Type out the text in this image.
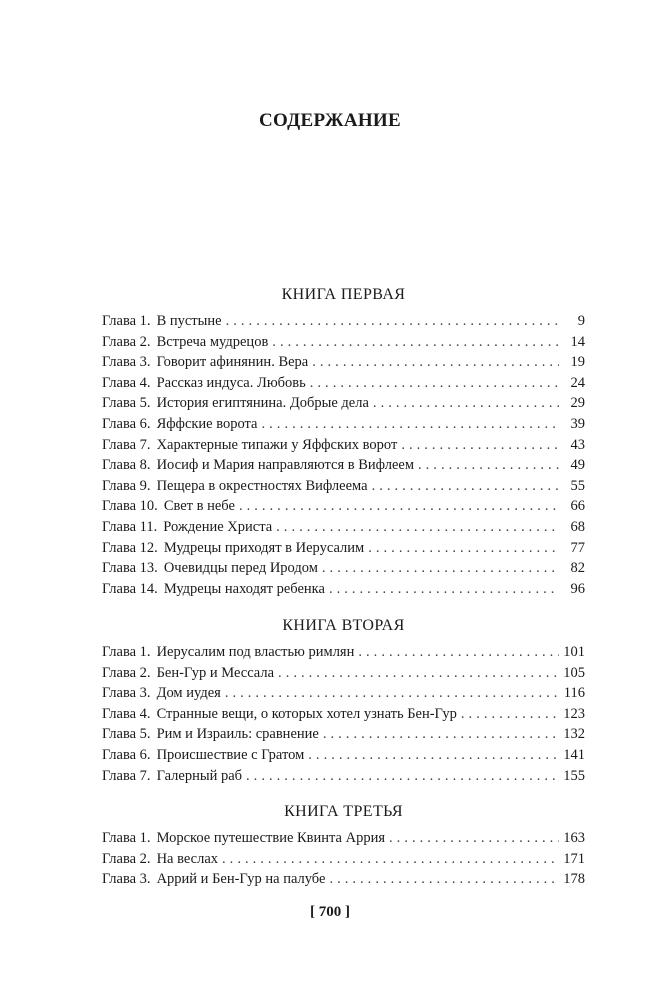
СОДЕРЖАНИЕ
КНИГА ПЕРВАЯ
Глава 1. В пустыне . . .	9
Глава 2. Встреча мудрецов . . .	14
Глава 3. Говорит афинянин. Вера . . .	19
Глава 4. Рассказ индуса. Любовь . . .	24
Глава 5. История египтянина. Добрые дела . . .	29
Глава 6. Яффские ворота . . .	39
Глава 7. Характерные типажи у Яффских ворот . . .	43
Глава 8. Иосиф и Мария направляются в Вифлеем . . .	49
Глава 9. Пещера в окрестностях Вифлеема . . .	55
Глава 10. Свет в небе . . .	66
Глава 11. Рождение Христа . . .	68
Глава 12. Мудрецы приходят в Иерусалим . . .	77
Глава 13. Очевидцы перед Иродом . . .	82
Глава 14. Мудрецы находят ребенка . . .	96
КНИГА ВТОРАЯ
Глава 1. Иерусалим под властью римлян . . .	101
Глава 2. Бен-Гур и Мессала . . .	105
Глава 3. Дом иудея . . .	116
Глава 4. Странные вещи, о которых хотел узнать Бен-Гур . . .	123
Глава 5. Рим и Израиль: сравнение . . .	132
Глава 6. Происшествие с Гратом . . .	141
Глава 7. Галерный раб . . .	155
КНИГА ТРЕТЬЯ
Глава 1. Морское путешествие Квинта Аррия . . .	163
Глава 2. На веслах . . .	171
Глава 3. Аррий и Бен-Гур на палубе . . .	178
[ 700 ]
